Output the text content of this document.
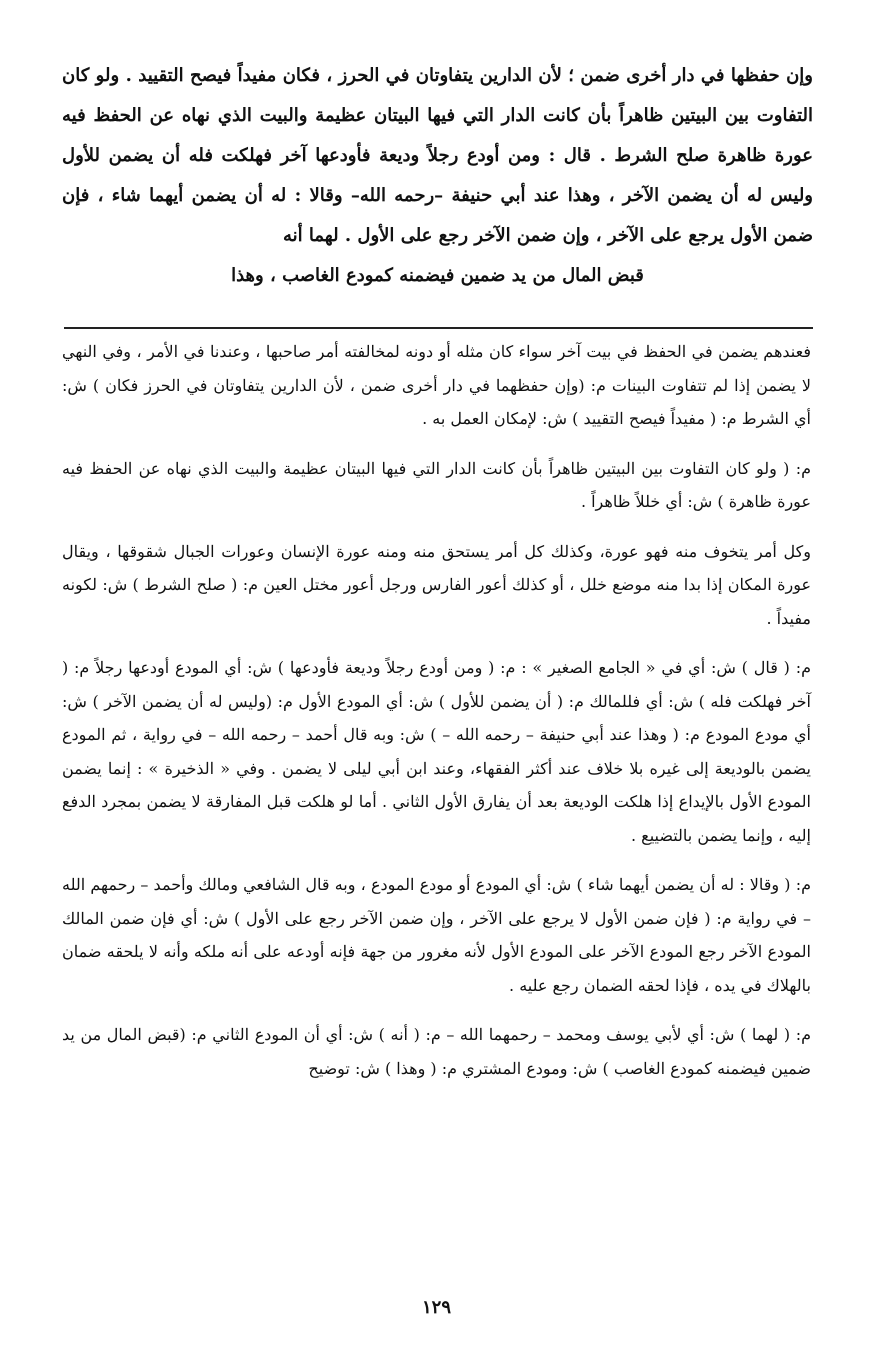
وإن حفظها في دار أخرى ضمن ؛ لأن الدارين يتفاوتان في الحرز ، فكان مفيداً فيصح التقييد . ولو كان التفاوت بين البيتين ظاهراً بأن كانت الدار التي فيها البيتان عظيمة والبيت الذي نهاه عن الحفظ فيه عورة ظاهرة صلح الشرط . قال : ومن أودع رجلاً وديعة فأودعها آخر فهلكت فله أن يضمن للأول وليس له أن يضمن الآخر ، وهذا عند أبي حنيفة –رحمه الله– وقالا : له أن يضمن أيهما شاء ، فإن ضمن الأول يرجع على الآخر ، وإن ضمن الآخر رجع على الأول . لهما أنه

قبض المال من يد ضمين فيضمنه كمودع الغاصب ، وهذا

فعندهم يضمن في الحفظ في بيت آخر سواء كان مثله أو دونه لمخالفته أمر صاحبها ، وعندنا في الأمر ، وفي النهي لا يضمن إذا لم تتفاوت البينات م: (وإن حفظهما في دار أخرى ضمن ، لأن الدارين يتفاوتان في الحرز فكان ) ش: أي الشرط م: ( مفيداً فيصح التقييد ) ش: لإمكان العمل به .

م: ( ولو كان التفاوت بين البيتين ظاهراً بأن كانت الدار التي فيها البيتان عظيمة والبيت الذي نهاه عن الحفظ فيه عورة ظاهرة ) ش: أي خللاً ظاهراً .

وكل أمر يتخوف منه فهو عورة، وكذلك كل أمر يستحق منه ومنه عورة الإنسان وعورات الجبال شقوقها ، ويقال عورة المكان إذا بدا منه موضع خلل ، أو كذلك أعور الفارس ورجل أعور مختل العين م: ( صلح الشرط ) ش: لكونه مفيداً .

م: ( قال ) ش: أي في « الجامع الصغير » : م: ( ومن أودع رجلاً وديعة فأودعها ) ش: أي المودع أودعها رجلاً م: ( آخر فهلكت فله ) ش: أي فللمالك م: ( أن يضمن للأول ) ش: أي المودع الأول م: (وليس له أن يضمن الآخر ) ش: أي مودع المودع م: ( وهذا عند أبي حنيفة – رحمه الله – ) ش: وبه قال أحمد – رحمه الله – في رواية ، ثم المودع يضمن بالوديعة إلى غيره بلا خلاف عند أكثر الفقهاء، وعند ابن أبي ليلى لا يضمن . وفي « الذخيرة » : إنما يضمن المودع الأول بالإيداع إذا هلكت الوديعة بعد أن يفارق الأول الثاني . أما لو هلكت قبل المفارقة لا يضمن بمجرد الدفع إليه ، وإنما يضمن بالتضييع .

م: ( وقالا : له أن يضمن أيهما شاء ) ش: أي المودع أو مودع المودع ، وبه قال الشافعي ومالك وأحمد – رحمهم الله – في رواية م: ( فإن ضمن الأول لا يرجع على الآخر ، وإن ضمن الآخر رجع على الأول ) ش: أي فإن ضمن المالك المودع الآخر رجع المودع الآخر على المودع الأول لأنه مغرور من جهة فإنه أودعه على أنه ملكه وأنه لا يلحقه ضمان بالهلاك في يده ، فإذا لحقه الضمان رجع عليه .

م: ( لهما ) ش: أي لأبي يوسف ومحمد – رحمهما الله – م: ( أنه ) ش: أي أن المودع الثاني م: (قبض المال من يد ضمين فيضمنه كمودع الغاصب ) ش: ومودع المشتري م: ( وهذا ) ش: توضيح

١٢٩
